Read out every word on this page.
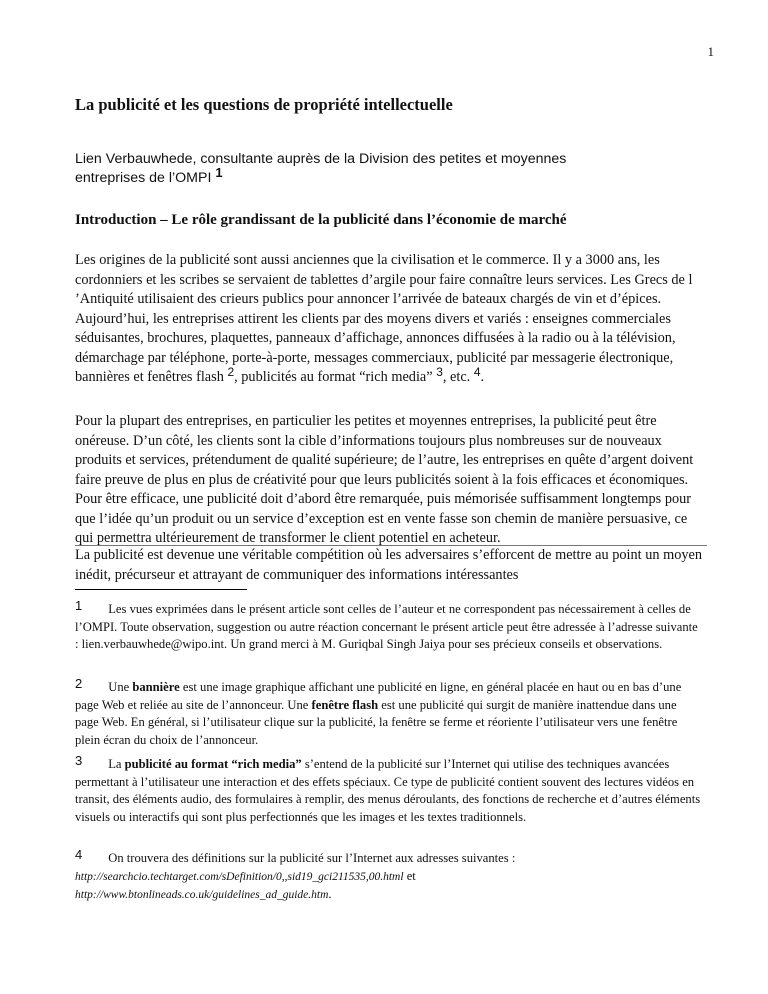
1
La publicité et les questions de propriété intellectuelle
Lien Verbauwhede, consultante auprès de la Division des petites et moyennes
entreprises de l’OMPI $^1$
Introduction – Le rôle grandissant de la publicité dans l’économie de marché

Les origines de la publicité sont aussi anciennes que la civilisation et le commerce. Il y a 3000 ans, les cordonniers et les scribes se servaient de tablettes d’argile pour faire connaître leurs services. Les Grecs de l ’Antiquité utilisaient des crieurs publics pour annoncer l’arrivée de bateaux chargés de vin et d’épices. Aujourd’hui, les entreprises attirent les clients par des moyens divers et variés : enseignes commerciales séduisantes, brochures, plaquettes, panneaux d’affichage, annonces diffusées à la radio ou à la télévision, démarchage par téléphone, porte-à-porte, messages commerciaux, publicité par messagerie électronique, bannières et fenêtres flash $^2$, publicités au format “rich media” $^3$, etc. $^4$.

Pour la plupart des entreprises, en particulier les petites et moyennes entreprises, la publicité peut être onéreuse. D’un côté, les clients sont la cible d’informations toujours plus nombreuses sur de nouveaux produits et services, prétendument de qualité supérieure; de l’autre, les entreprises en quête d’argent doivent faire preuve de plus en plus de créativité pour que leurs publicités soient à la fois efficaces et économiques. Pour être efficace, une publicité doit d’abord être remarquée, puis mémorisée suffisamment longtemps pour que l’idée qu’un produit ou un service d’exception est en vente fasse son chemin de manière persuasive, ce qui permettra ultérieurement de transformer le client potentiel en acheteur.

La publicité est devenue une véritable compétition où les adversaires s’efforcent de mettre au point un moyen inédit, précurseur et attrayant de communiquer des informations intéressantes

1 Les vues exprimées dans le présent article sont celles de l’auteur et ne correspondent pas nécessairement à celles de l’OMPI. Toute observation, suggestion ou autre réaction concernant le présent article peut être adressée à l’adresse suivante : lien.verbauwhede@wipo.int. Un grand merci à M. Guriqbal Singh Jaiya pour ses précieux conseils et observations.

2 Une bannière est une image graphique affichant une publicité en ligne, en général placée en haut ou en bas d’une page Web et reliée au site de l’annonceur. Une fenêtre flash est une publicité qui surgit de manière inattendue dans une page Web. En général, si l’utilisateur clique sur la publicité, la fenêtre se ferme et réoriente l’utilisateur vers une fenêtre plein écran du choix de l’annonceur.

3 La publicité au format “rich media” s’entend de la publicité sur l’Internet qui utilise des techniques avancées permettant à l’utilisateur une interaction et des effets spéciaux. Ce type de publicité contient souvent des lectures vidéos en transit, des éléments audio, des formulaires à remplir, des menus déroulants, des fonctions de recherche et d’autres éléments visuels ou interactifs qui sont plus perfectionnés que les images et les textes traditionnels.

4 On trouvera des définitions sur la publicité sur l’Internet aux adresses suivantes :
http://searchcio.techtarget.com/sDefinition/0,,sid19_gci211535,00.html et
http://www.btonlineads.co.uk/guidelines_ad_guide.htm.
